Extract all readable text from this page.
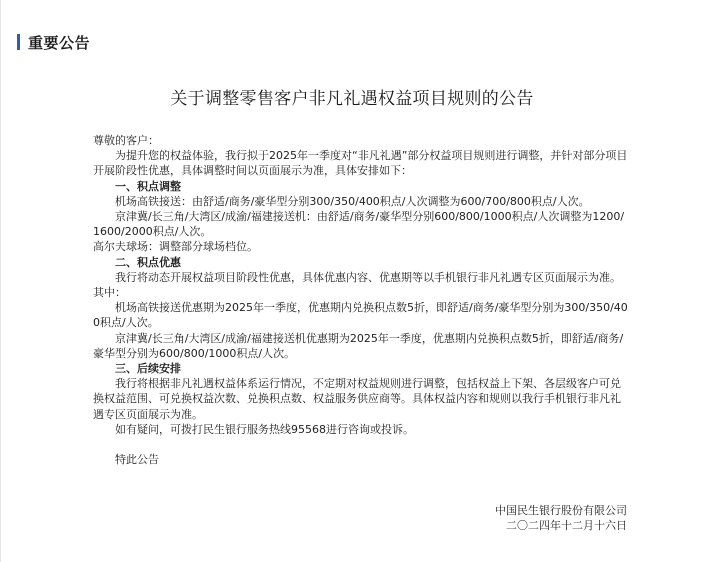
重要公告
关于调整零售客户非凡礼遇权益项目规则的公告

尊敬的客户：

为提升您的权益体验，我行拟于2025年一季度对“非凡礼遇”部分权益项目规则进行调整，并针对部分项目开展阶段性优惠，具体调整时间以页面展示为准，具体安排如下：

一、积点调整

机场高铁接送：由舒适/商务/豪华型分别300/350/400积点/人次调整为600/700/800积点/人次。

京津冀/长三角/大湾区/成渝/福建接送机：由舒适/商务/豪华型分别600/800/1000积点/人次调整为1200/1600/2000积点/人次。

高尔夫球场：调整部分球场档位。

二、积点优惠

我行将动态开展权益项目阶段性优惠，具体优惠内容、优惠期等以手机银行非凡礼遇专区页面展示为准。其中：

机场高铁接送优惠期为2025年一季度，优惠期内兑换积点数5折，即舒适/商务/豪华型分别为300/350/400积点/人次。

京津冀/长三角/大湾区/成渝/福建接送机优惠期为2025年一季度，优惠期内兑换积点数5折，即舒适/商务/豪华型分别为600/800/1000积点/人次。

三、后续安排

我行将根据非凡礼遇权益体系运行情况，不定期对权益规则进行调整，包括权益上下架、各层级客户可兑换权益范围、可兑换权益次数、兑换积点数、权益服务供应商等。具体权益内容和规则以我行手机银行非凡礼遇专区页面展示为准。

如有疑问，可拨打民生银行服务热线95568进行咨询或投诉。

特此公告

中国民生银行股份有限公司
二〇二四年十二月十六日
